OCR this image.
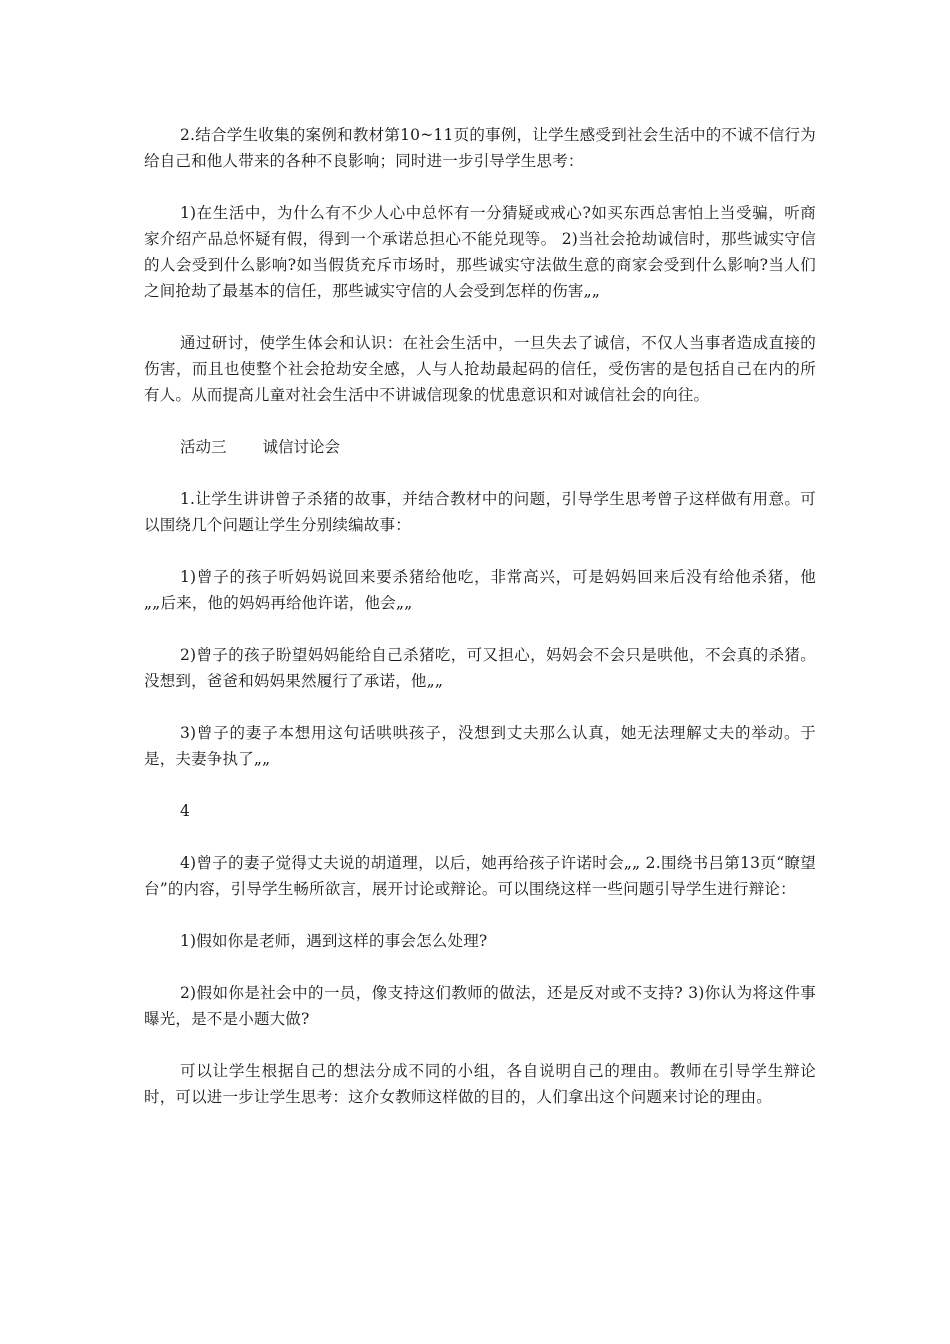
2.结合学生收集的案例和教材第10~11页的事例，让学生感受到社会生活中的不诚不信行为给自己和他人带来的各种不良影响；同时进一步引导学生思考：

1)在生活中，为什么有不少人心中总怀有一分猜疑或戒心?如买东西总害怕上当受骗，听商家介绍产品总怀疑有假，得到一个承诺总担心不能兑现等。 2)当社会抢劫诚信时，那些诚实守信的人会受到什么影响?如当假货充斥市场时，那些诚实守法做生意的商家会受到什么影响?当人们之间抢劫了最基本的信任，那些诚实守信的人会受到怎样的伤害„„

通过研讨，使学生体会和认识：在社会生活中，一旦失去了诚信，不仅人当事者造成直接的伤害，而且也使整个社会抢劫安全感，人与人抢劫最起码的信任，受伤害的是包括自己在内的所有人。从而提高儿童对社会生活中不讲诚信现象的忧患意识和对诚信社会的向往。

活动三 诚信讨论会

1.让学生讲讲曾子杀猪的故事，并结合教材中的问题，引导学生思考曾子这样做有用意。可以围绕几个问题让学生分别续编故事：

1)曾子的孩子听妈妈说回来要杀猪给他吃，非常高兴，可是妈妈回来后没有给他杀猪，他„„后来，他的妈妈再给他许诺，他会„„

2)曾子的孩子盼望妈妈能给自己杀猪吃，可又担心，妈妈会不会只是哄他，不会真的杀猪。没想到，爸爸和妈妈果然履行了承诺，他„„

3)曾子的妻子本想用这句话哄哄孩子，没想到丈夫那么认真，她无法理解丈夫的举动。于是，夫妻争执了„„

4

4)曾子的妻子觉得丈夫说的胡道理，以后，她再给孩子许诺时会„„ 2.围绕书吕第13页“瞭望台”的内容，引导学生畅所欲言，展开讨论或辩论。可以围绕这样一些问题引导学生进行辩论：

1)假如你是老师，遇到这样的事会怎么处理?

2)假如你是社会中的一员，像支持这们教师的做法，还是反对或不支持? 3)你认为将这件事曝光，是不是小题大做?

可以让学生根据自己的想法分成不同的小组，各自说明自己的理由。教师在引导学生辩论时，可以进一步让学生思考：这介女教师这样做的目的，人们拿出这个问题来讨论的理由。
